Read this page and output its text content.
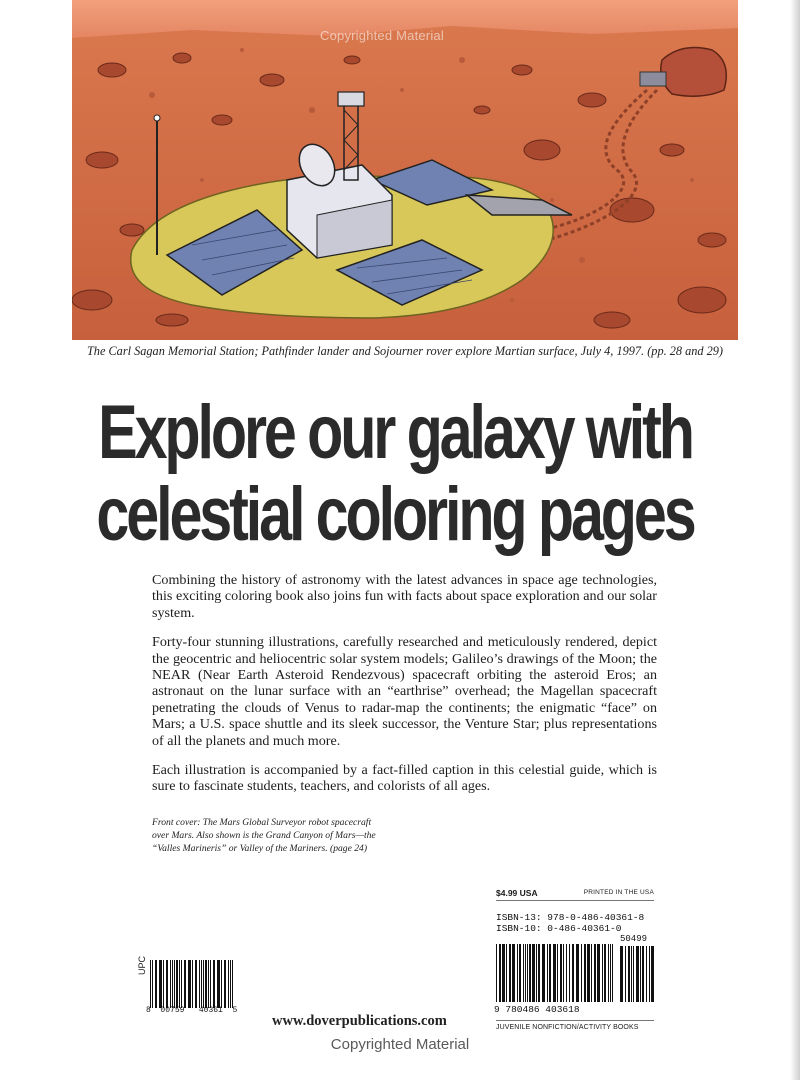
Copyrighted Material
The Carl Sagan Memorial Station; Pathfinder lander and Sojourner rover explore Martian surface, July 4, 1997. (pp. 28 and 29)
Explore our galaxy with
celestial coloring pages

Combining the history of astronomy with the latest advances in space age technologies, this exciting coloring book also joins fun with facts about space exploration and our solar system.

Forty-four stunning illustrations, carefully researched and meticulously rendered, depict the geocentric and heliocentric solar system models; Galileo’s drawings of the Moon; the NEAR (Near Earth Asteroid Rendezvous) spacecraft orbiting the asteroid Eros; an astronaut on the lunar surface with an “earthrise” overhead; the Magellan spacecraft penetrating the clouds of Venus to radar-map the continents; the enigmatic “face” on Mars; a U.S. space shuttle and its sleek successor, the Venture Star; plus representations of all the planets and much more.

Each illustration is accompanied by a fact-filled caption in this celestial guide, which is sure to fascinate students, teachers, and colorists of all ages.

Front cover: The Mars Global Surveyor robot spacecraft
over Mars. Also shown is the Grand Canyon of Mars—the
“Valles Marineris” or Valley of the Mariners. (page 24)
$4.99 USA	PRINTED IN THE USA
ISBN-13: 978-0-486-40361-8
ISBN-10: 0-486-40361-0
50499
9 780486 403618
JUVENILE NONFICTION/ACTIVITY BOOKS
UPC
8 00759 40361 5
www.doverpublications.com
Copyrighted Material
